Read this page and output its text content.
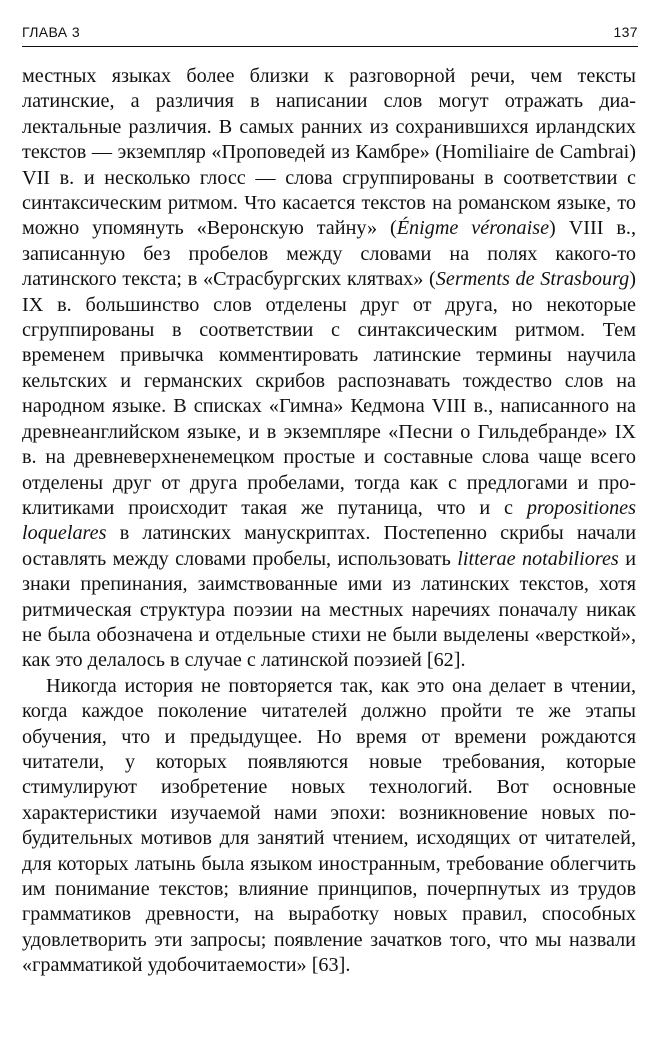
ГЛАВА 3	137

местных языках более близки к разговорной речи, чем тексты латинские, а различия в написании слов могут отражать диалектальные различия. В самых ранних из сохранившихся ирландских текстов — экземпляр «Проповедей из Камбре» (Homiliaire de Cambrai) VII в. и несколько глосс — слова сгруппированы в соответствии с синтаксическим ритмом. Что касается текстов на романском языке, то можно упомянуть «Веронскую тайну» (Énigme véronaise) VIII в., записанную без пробелов между словами на полях какого-то латинского текста; в «Страсбургских клятвах» (Serments de Strasbourg) IX в. большинство слов отделены друг от друга, но некоторые сгруппированы в соответствии с синтаксическим ритмом. Тем временем привычка комментировать латинские термины научила кельтских и германских скрибов распознавать тождество слов на народном языке. В списках «Гимна» Кедмона VIII в., написанного на древнеанглийском языке, и в экземпляре «Песни о Гильдебранде» IX в. на древневерхненемецком простые и составные слова чаще всего отделены друг от друга пробелами, тогда как с предлогами и проклитиками происходит такая же путаница, что и с propositiones loquelares в латинских манускриптах. Постепенно скрибы начали оставлять между словами пробелы, использовать litterae notabiliores и знаки препинания, заимствованные ими из латинских текстов, хотя ритмическая структура поэзии на местных наречиях поначалу никак не была обозначена и отдельные стихи не были выделены «версткой», как это делалось в случае с латинской поэзией [62].

Никогда история не повторяется так, как это она делает в чтении, когда каждое поколение читателей должно пройти те же этапы обучения, что и предыдущее. Но время от времени рождаются читатели, у которых появляются новые требования, которые стимулируют изобретение новых технологий. Вот основные характеристики изучаемой нами эпохи: возникновение новых побудительных мотивов для занятий чтением, исходящих от читателей, для которых латынь была языком иностранным, требование облегчить им понимание текстов; влияние принципов, почерпнутых из трудов грамматиков древности, на выработку новых правил, способных удовлетворить эти запросы; появление зачатков того, что мы назвали «грамматикой удобочитаемости» [63].
